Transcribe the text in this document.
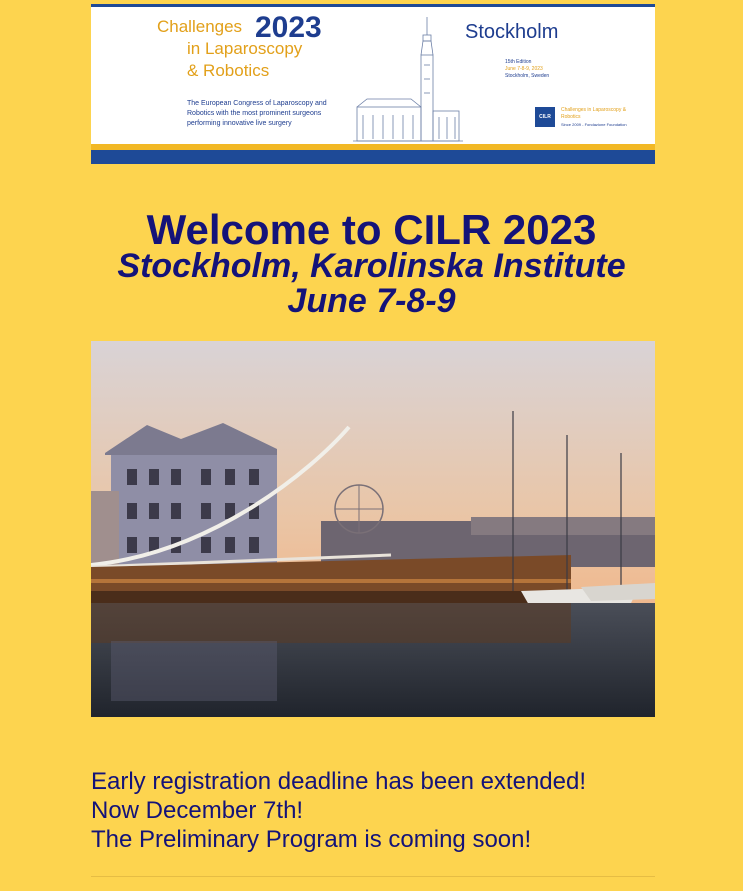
Challenges 2023
in Laparoscopy
& Robotics
The European Congress of Laparoscopy and Robotics with the most prominent surgeons performing innovative live surgery
Stockholm
15th Edition
June 7-8-9, 2023
Stockholm, Sweden
CILR
Challenges in Laparoscopy & Robotics
Since 2009 - Fondazione Foundation
Welcome to CILR 2023
Stockholm, Karolinska Institute
June 7-8-9
Early registration deadline has been extended!
Now December 7th!
The Preliminary Program is coming soon!
